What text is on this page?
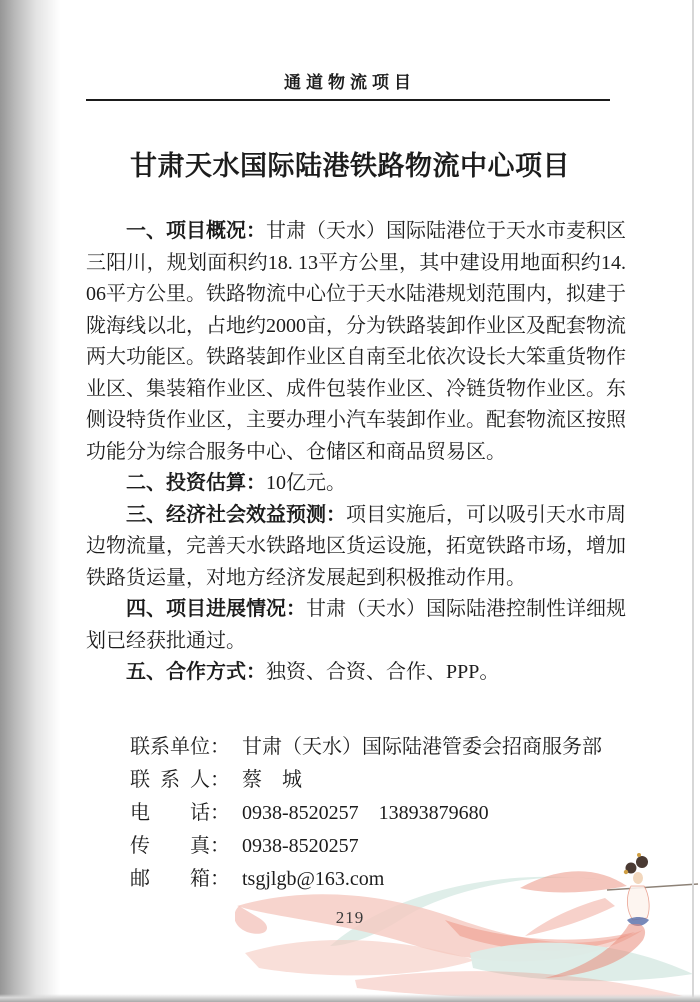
通道物流项目
甘肃天水国际陆港铁路物流中心项目

一、项目概况：甘肃（天水）国际陆港位于天水市麦积区三阳川，规划面积约18. 13平方公里，其中建设用地面积约14. 06平方公里。铁路物流中心位于天水陆港规划范围内，拟建于陇海线以北，占地约2000亩，分为铁路装卸作业区及配套物流两大功能区。铁路装卸作业区自南至北依次设长大笨重货物作业区、集装箱作业区、成件包装作业区、冷链货物作业区。东侧设特货作业区，主要办理小汽车装卸作业。配套物流区按照功能分为综合服务中心、仓储区和商品贸易区。

二、投资估算：10亿元。

三、经济社会效益预测：项目实施后，可以吸引天水市周边物流量，完善天水铁路地区货运设施，拓宽铁路市场，增加铁路货运量，对地方经济发展起到积极推动作用。

四、项目进展情况：甘肃（天水）国际陆港控制性详细规划已经获批通过。

五、合作方式：独资、合资、合作、PPP。

联系单位： 甘肃（天水）国际陆港管委会招商服务部
联系人： 蔡　城
电话： 0938-8520257　13893879680
传真： 0938-8520257
邮箱： tsgjlgb@163.com
219
